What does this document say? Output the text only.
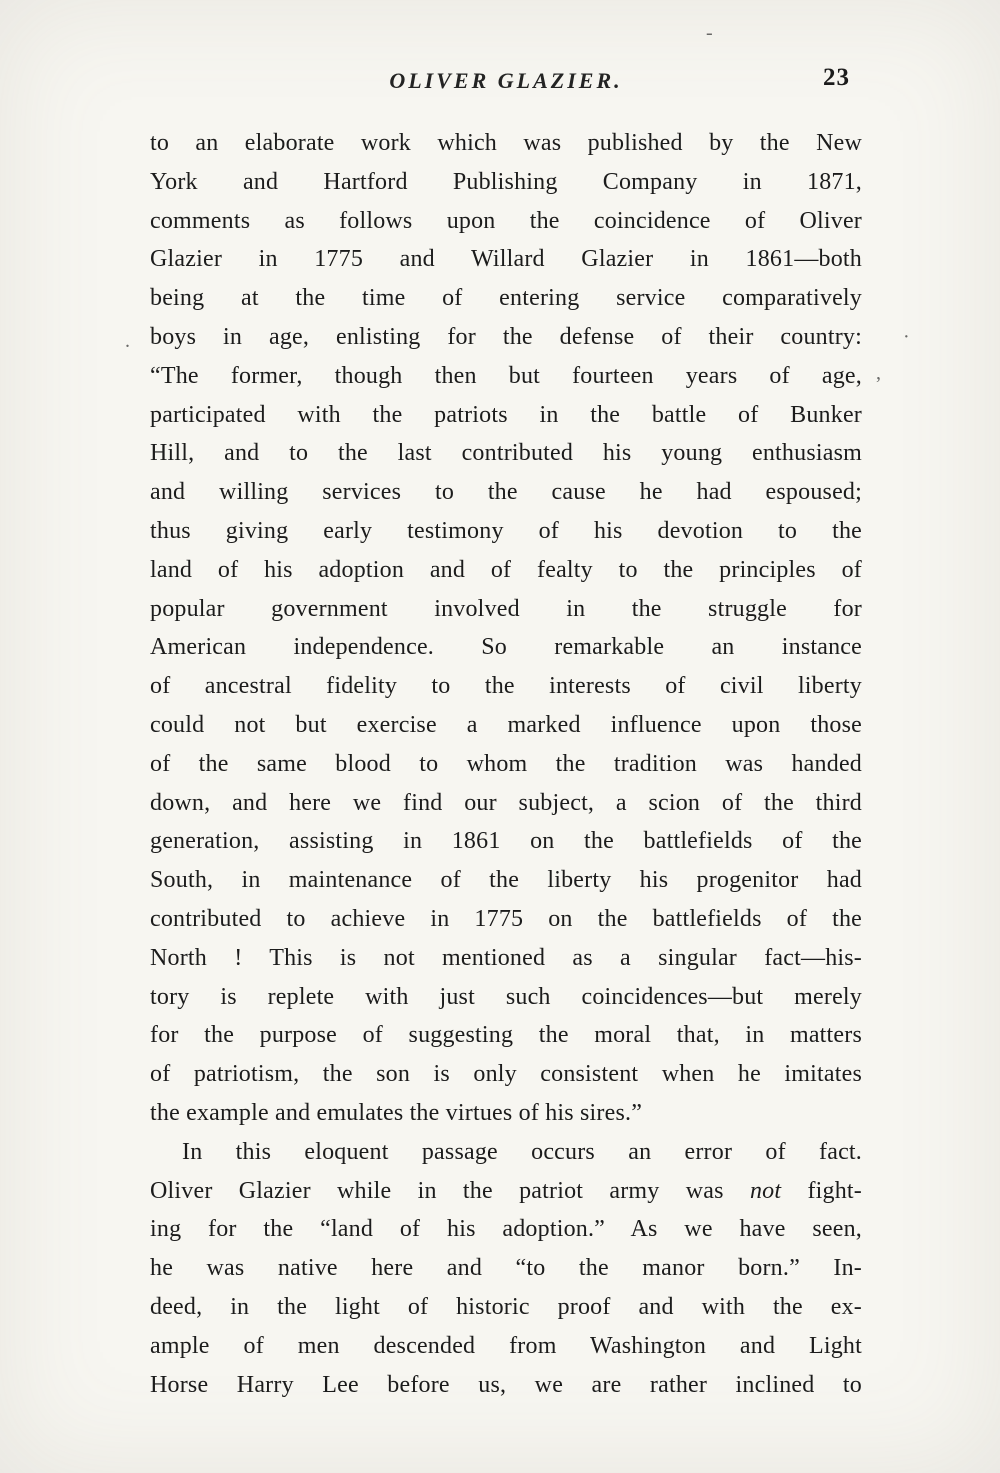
-
.	·
,
OLIVER GLAZIER.	23
to an elaborate work which was published by the New
York and Hartford Publishing Company in 1871,
comments as follows upon the coincidence of Oliver
Glazier in 1775 and Willard Glazier in 1861—both
being at the time of entering service comparatively
boys in age, enlisting for the defense of their country:
“The former, though then but fourteen years of age,
participated with the patriots in the battle of Bunker
Hill, and to the last contributed his young enthusiasm
and willing services to the cause he had espoused;
thus giving early testimony of his devotion to the
land of his adoption and of fealty to the principles of
popular government involved in the struggle for
American independence. So remarkable an instance
of ancestral fidelity to the interests of civil liberty
could not but exercise a marked influence upon those
of the same blood to whom the tradition was handed
down, and here we find our subject, a scion of the third
generation, assisting in 1861 on the battlefields of the
South, in maintenance of the liberty his progenitor had
contributed to achieve in 1775 on the battlefields of the
North ! This is not mentioned as a singular fact—his-
tory is replete with just such coincidences—but merely
for the purpose of suggesting the moral that, in matters
of patriotism, the son is only consistent when he imitates
the example and emulates the virtues of his sires.”
In this eloquent passage occurs an error of fact.
Oliver Glazier while in the patriot army was not fight-
ing for the “land of his adoption.” As we have seen,
he was native here and “to the manor born.” In-
deed, in the light of historic proof and with the ex-
ample of men descended from Washington and Light
Horse Harry Lee before us, we are rather inclined to
